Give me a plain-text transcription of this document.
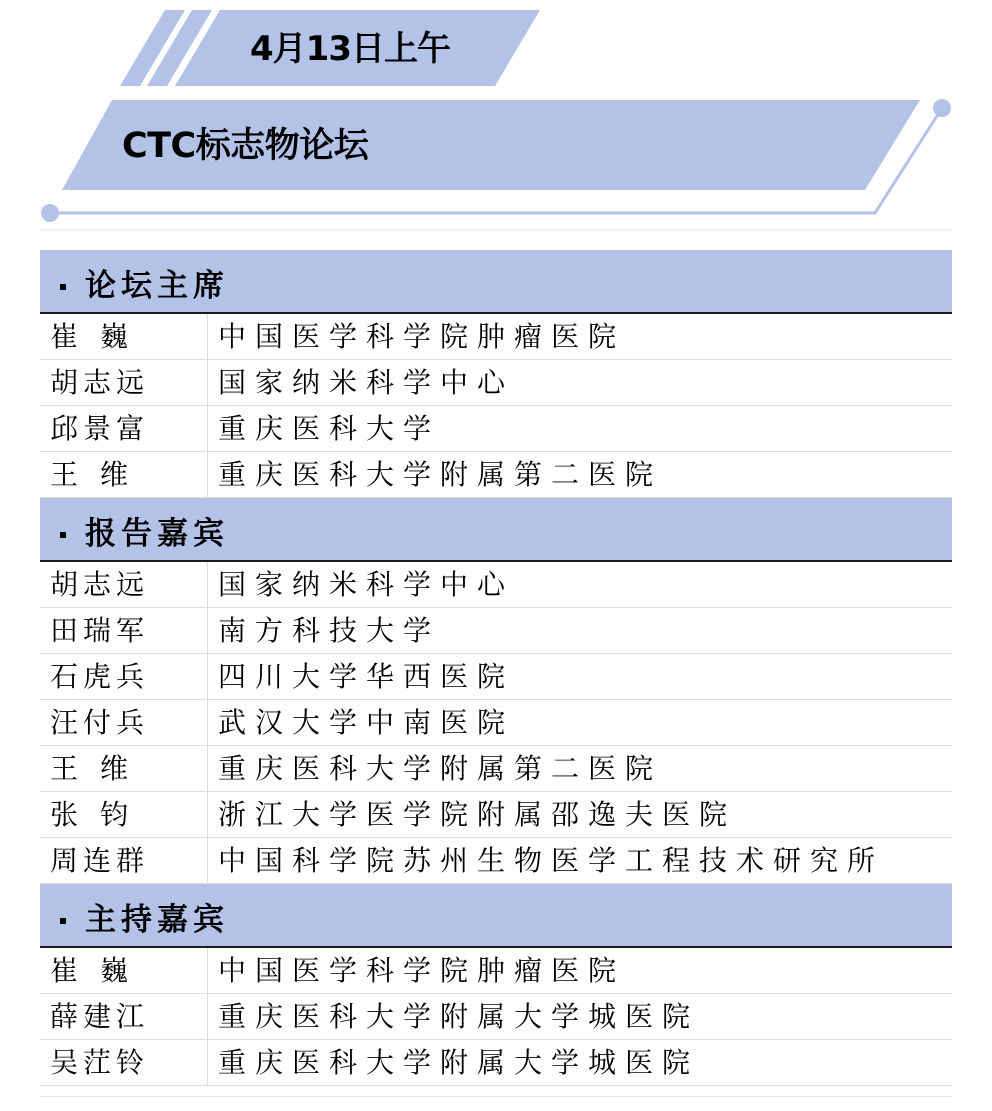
4月13日上午
CTC标志物论坛
论坛主席
崔 巍	中国医学科学院肿瘤医院
胡志远	国家纳米科学中心
邱景富	重庆医科大学
王 维	重庆医科大学附属第二医院
报告嘉宾
胡志远	国家纳米科学中心
田瑞军	南方科技大学
石虎兵	四川大学华西医院
汪付兵	武汉大学中南医院
王 维	重庆医科大学附属第二医院
张 钧	浙江大学医学院附属邵逸夫医院
周连群	中国科学院苏州生物医学工程技术研究所
主持嘉宾
崔 巍	中国医学科学院肿瘤医院
薛建江	重庆医科大学附属大学城医院
吴茳铃	重庆医科大学附属大学城医院
